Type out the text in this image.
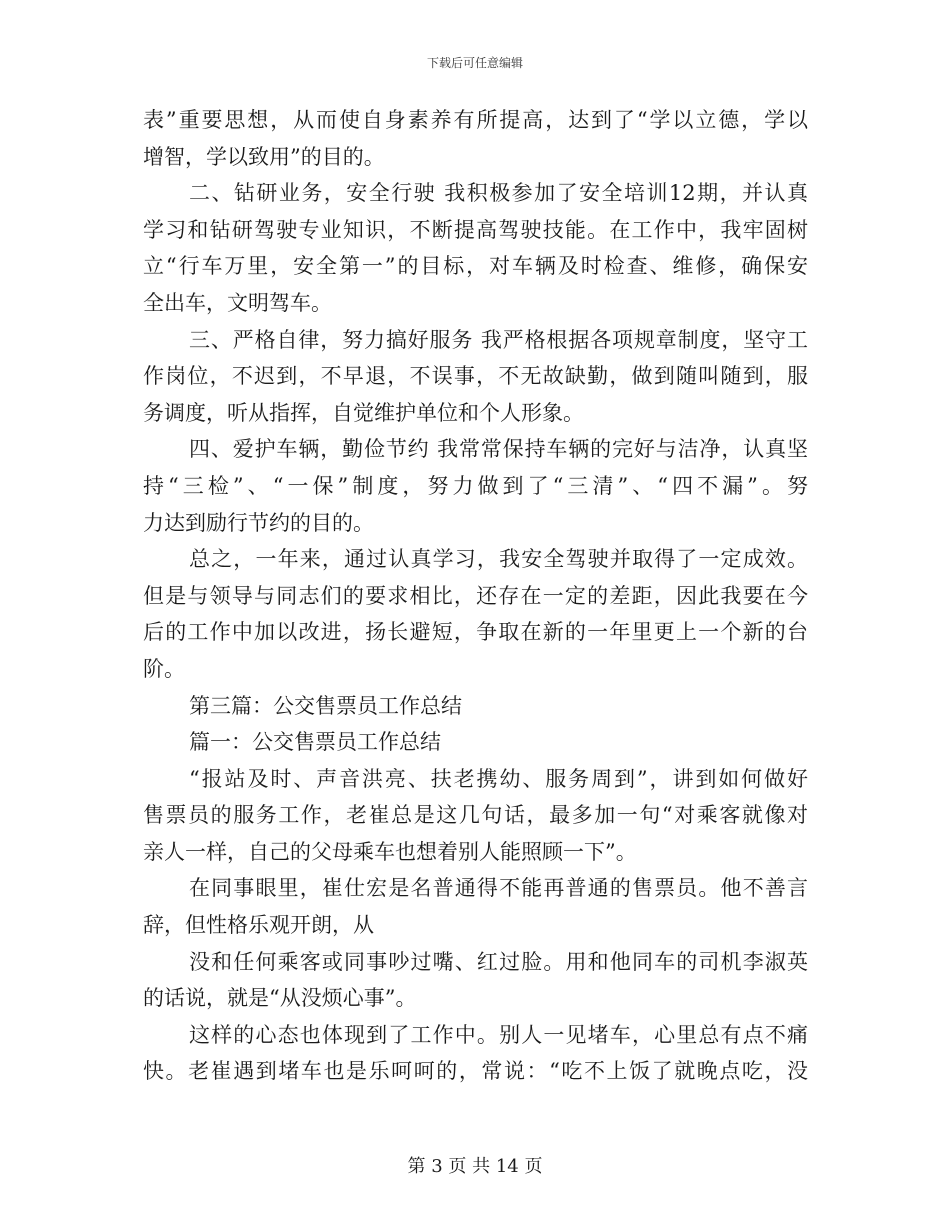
下载后可任意编辑
表”重要思想，从而使自身素养有所提高，达到了“学以立德，学以
增智，学以致用”的目的。
二、钻研业务，安全行驶 我积极参加了安全培训12期，并认真
学习和钻研驾驶专业知识，不断提高驾驶技能。在工作中，我牢固树
立“行车万里，安全第一”的目标，对车辆及时检查、维修，确保安
全出车，文明驾车。
三、严格自律，努力搞好服务 我严格根据各项规章制度，坚守工
作岗位，不迟到，不早退，不误事，不无故缺勤，做到随叫随到，服
务调度，听从指挥，自觉维护单位和个人形象。
四、爱护车辆，勤俭节约 我常常保持车辆的完好与洁净，认真坚
持“三检”、“一保”制度，努力做到了“三清”、“四不漏”。努
力达到励行节约的目的。
总之，一年来，通过认真学习，我安全驾驶并取得了一定成效。
但是与领导与同志们的要求相比，还存在一定的差距，因此我要在今
后的工作中加以改进，扬长避短，争取在新的一年里更上一个新的台
阶。
第三篇：公交售票员工作总结
篇一：公交售票员工作总结
“报站及时、声音洪亮、扶老携幼、服务周到”，讲到如何做好
售票员的服务工作，老崔总是这几句话，最多加一句“对乘客就像对
亲人一样，自己的父母乘车也想着别人能照顾一下”。
在同事眼里，崔仕宏是名普通得不能再普通的售票员。他不善言
辞，但性格乐观开朗，从
没和任何乘客或同事吵过嘴、红过脸。用和他同车的司机李淑英
的话说，就是“从没烦心事”。
这样的心态也体现到了工作中。别人一见堵车，心里总有点不痛
快。老崔遇到堵车也是乐呵呵的，常说：“吃不上饭了就晚点吃，没
第 3 页 共 14 页
